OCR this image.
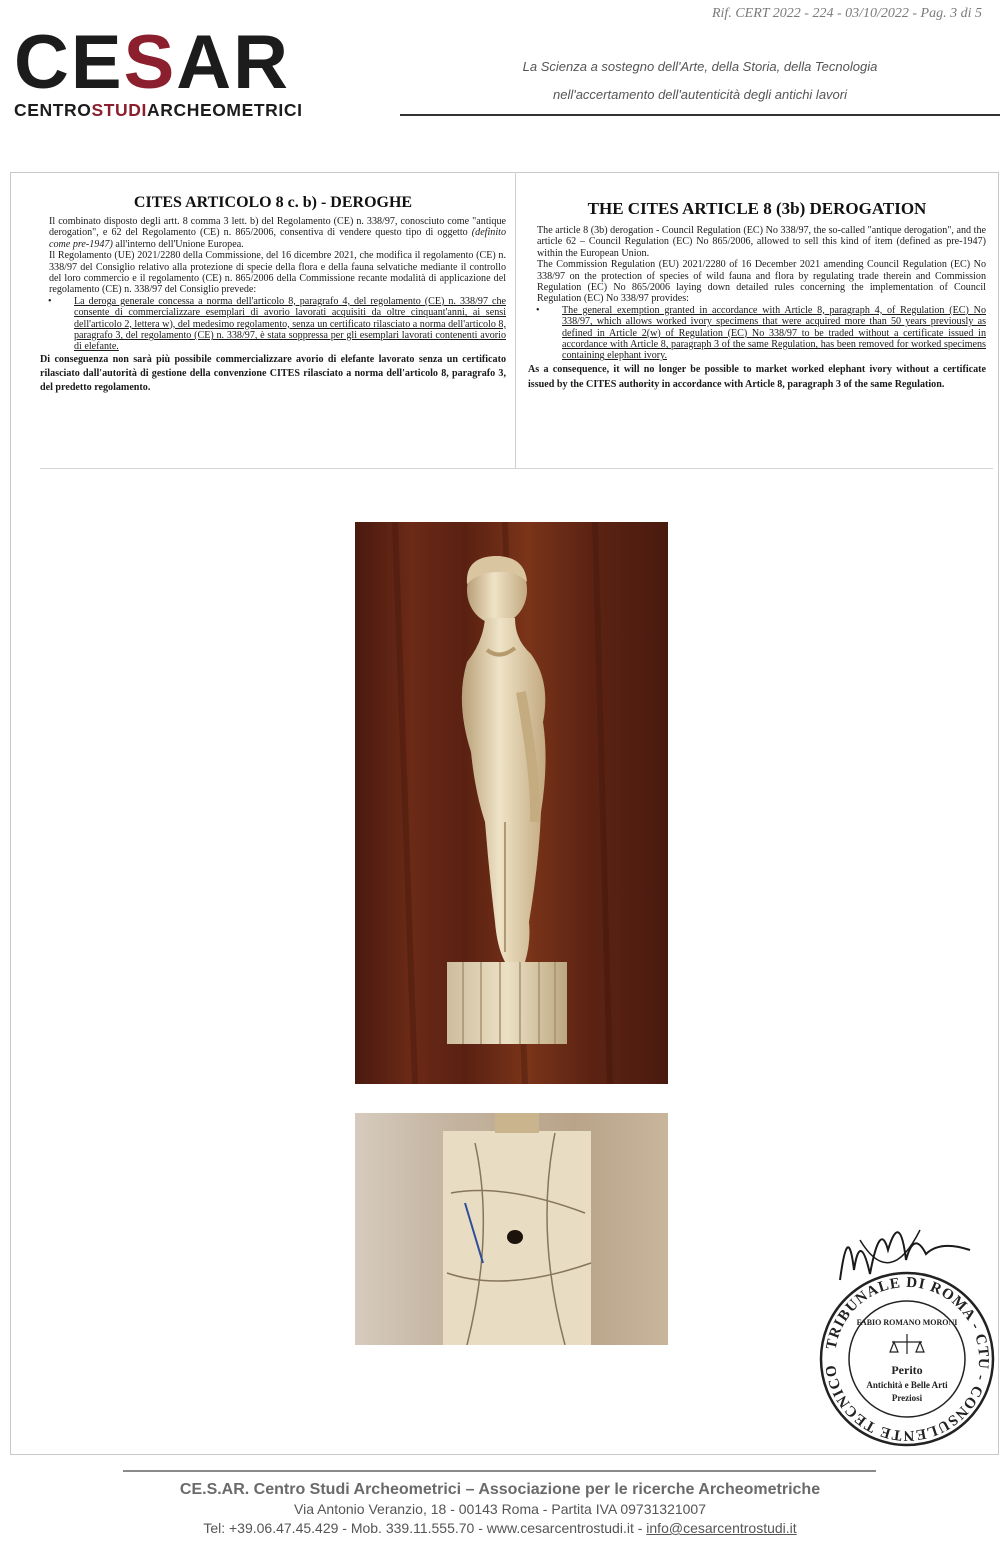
Rif. CERT 2022 - 224 - 03/10/2022 - Pag. 3 di 5
CESAR
CENTROSTUDIARCHEOMETRICI
La Scienza a sostegno dell'Arte, della Storia, della Tecnologia
nell'accertamento dell'autenticità degli antichi lavori
CITES ARTICOLO 8 c. b) - DEROGHE

Il combinato disposto degli artt. 8 comma 3 lett. b) del Regolamento (CE) n. 338/97, conosciuto come "antique derogation", e 62 del Regolamento (CE) n. 865/2006, consentiva di vendere questo tipo di oggetto (definito come pre-1947) all'interno dell'Unione Europea.

Il Regolamento (UE) 2021/2280 della Commissione, del 16 dicembre 2021, che modifica il regolamento (CE) n. 338/97 del Consiglio relativo alla protezione di specie della flora e della fauna selvatiche mediante il controllo del loro commercio e il regolamento (CE) n. 865/2006 della Commissione recante modalità di applicazione del regolamento (CE) n. 338/97 del Consiglio prevede:

• La deroga generale concessa a norma dell'articolo 8, paragrafo 4, del regolamento (CE) n. 338/97 che consente di commercializzare esemplari di avorio lavorati acquisiti da oltre cinquant'anni, ai sensi dell'articolo 2, lettera w), del medesimo regolamento, senza un certificato rilasciato a norma dell'articolo 8, paragrafo 3, del regolamento (CE) n. 338/97, è stata soppressa per gli esemplari lavorati contenenti avorio di elefante.

Di conseguenza non sarà più possibile commercializzare avorio di elefante lavorato senza un certificato rilasciato dall'autorità di gestione della convenzione CITES rilasciato a norma dell'articolo 8, paragrafo 3, del predetto regolamento.

THE CITES ARTICLE 8 (3b) DEROGATION

The article 8 (3b) derogation - Council Regulation (EC) No 338/97, the so-called "antique derogation", and the article 62 – Council Regulation (EC) No 865/2006, allowed to sell this kind of item (defined as pre-1947) within the European Union.

The Commission Regulation (EU) 2021/2280 of 16 December 2021 amending Council Regulation (EC) No 338/97 on the protection of species of wild fauna and flora by regulating trade therein and Commission Regulation (EC) No 865/2006 laying down detailed rules concerning the implementation of Council Regulation (EC) No 338/97 provides:

• The general exemption granted in accordance with Article 8, paragraph 4, of Regulation (EC) No 338/97, which allows worked ivory specimens that were acquired more than 50 years previously as defined in Article 2(w) of Regulation (EC) No 338/97 to be traded without a certificate issued in accordance with Article 8, paragraph 3 of the same Regulation, has been removed for worked specimens containing elephant ivory.

As a consequence, it will no longer be possible to market worked elephant ivory without a certificate issued by the CITES authority in accordance with Article 8, paragraph 3 of the same Regulation.

TRIBUNALE DI ROMA - CTU - CONSULENTE TECNICO
FABIO ROMANO MORONI
Perito
Antichità e Belle Arti
Preziosi
CE.S.AR. Centro Studi Archeometrici – Associazione per le ricerche Archeometriche
Via Antonio Veranzio, 18 - 00143 Roma - Partita IVA 09731321007
Tel: +39.06.47.45.429 - Mob. 339.11.555.70 - www.cesarcentrostudi.it - info@cesarcentrostudi.it
